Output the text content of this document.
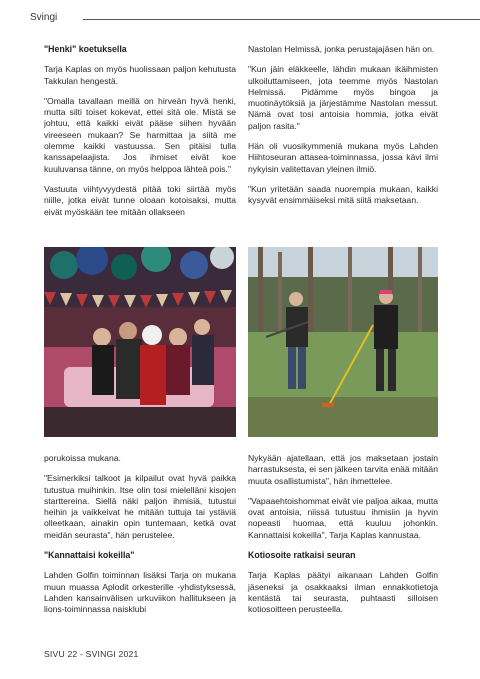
Svingi
"Henki" koetuksella

Tarja Kaplas on myös huolissaan paljon kehutusta Takkulan hengestä.

"Omalla tavallaan meillä on hirveän hyvä henki, mutta silti toiset kokevat, ettei sitä ole. Mistä se johtuu, että kaikki eivät pääse siihen hyvään vireeseen mukaan? Se harmittaa ja siitä me olemme kaikki vastuussa. Sen pitäisi tulla kanssapelaajista. Jos ihmiset eivät koe kuuluvansa tänne, on myös helppoa lähteä pois."

Vastuuta viihtyvyydestä pitää toki siirtää myös niille, jotka eivät tunne oloaan kotoisaksi, mutta eivät myöskään tee mitään ollakseen

Nastolan Helmissä, jonka perustajajäsen hän on.

"Kun jäin eläkkeelle, lähdin mukaan ikäihmisten ulkoiluttamiseen, jota teemme myös Nastolan Helmissä. Pidämme myös bingoa ja muotinäytöksiä ja järjestämme Nastolan messut. Nämä ovat tosi antoisia hommia, jotka eivät paljon rasita."

Hän oli vuosikymmeniä mukana myös Lahden Hiihtoseuran attasea-toiminnassa, jossa kävi ilmi nykyisin valitettavan yleinen ilmiö.

"Kun yritetään saada nuorempia mukaan, kaikki kysyvät ensimmäiseksi mitä siitä maksetaan.

porukoissa mukana.

"Esimerkiksi talkoot ja kilpailut ovat hyvä paikka tutustua muihinkin. Itse olin tosi mielelläni kisojen starttereina. Siellä näki paljon ihmisiä, tutustui heihin ja vaikkeivat he mitään tuttuja tai ystäviä olleetkaan, ainakin opin tuntemaan, ketkä ovat meidän seurasta", hän perustelee.

"Kannattaisi kokeilla"

Lahden Golfin toiminnan lisäksi Tarja on mukana muun muassa Aplodit orkesterille -yhdistyksessä, Lahden kansainvälisen urkuviikon hallitukseen ja lions-toiminnassa naisklubi

Nykyään ajatellaan, että jos maksetaan jostain harrastuksesta, ei sen jälkeen tarvita enää mitään muuta osallistumista", hän ihmettelee.

"Vapaaehtoishommat eivät vie paljoa aikaa, mutta ovat antoisia, niissä tutustuu ihmisiin ja hyvin nopeasti huomaa, että kuuluu johonkin. Kannattaisi kokeilla", Tarja Kaplas kannustaa.

Kotiosoite ratkaisi seuran

Tarja Kaplas päätyi aikanaan Lahden Golfin jäseneksi ja osakkaaksi ilman ennakkotietoja kentästä tai seurasta, puhtaasti silloisen kotiosoitteen perusteella.

SIVU 22 - SVINGI 2021
